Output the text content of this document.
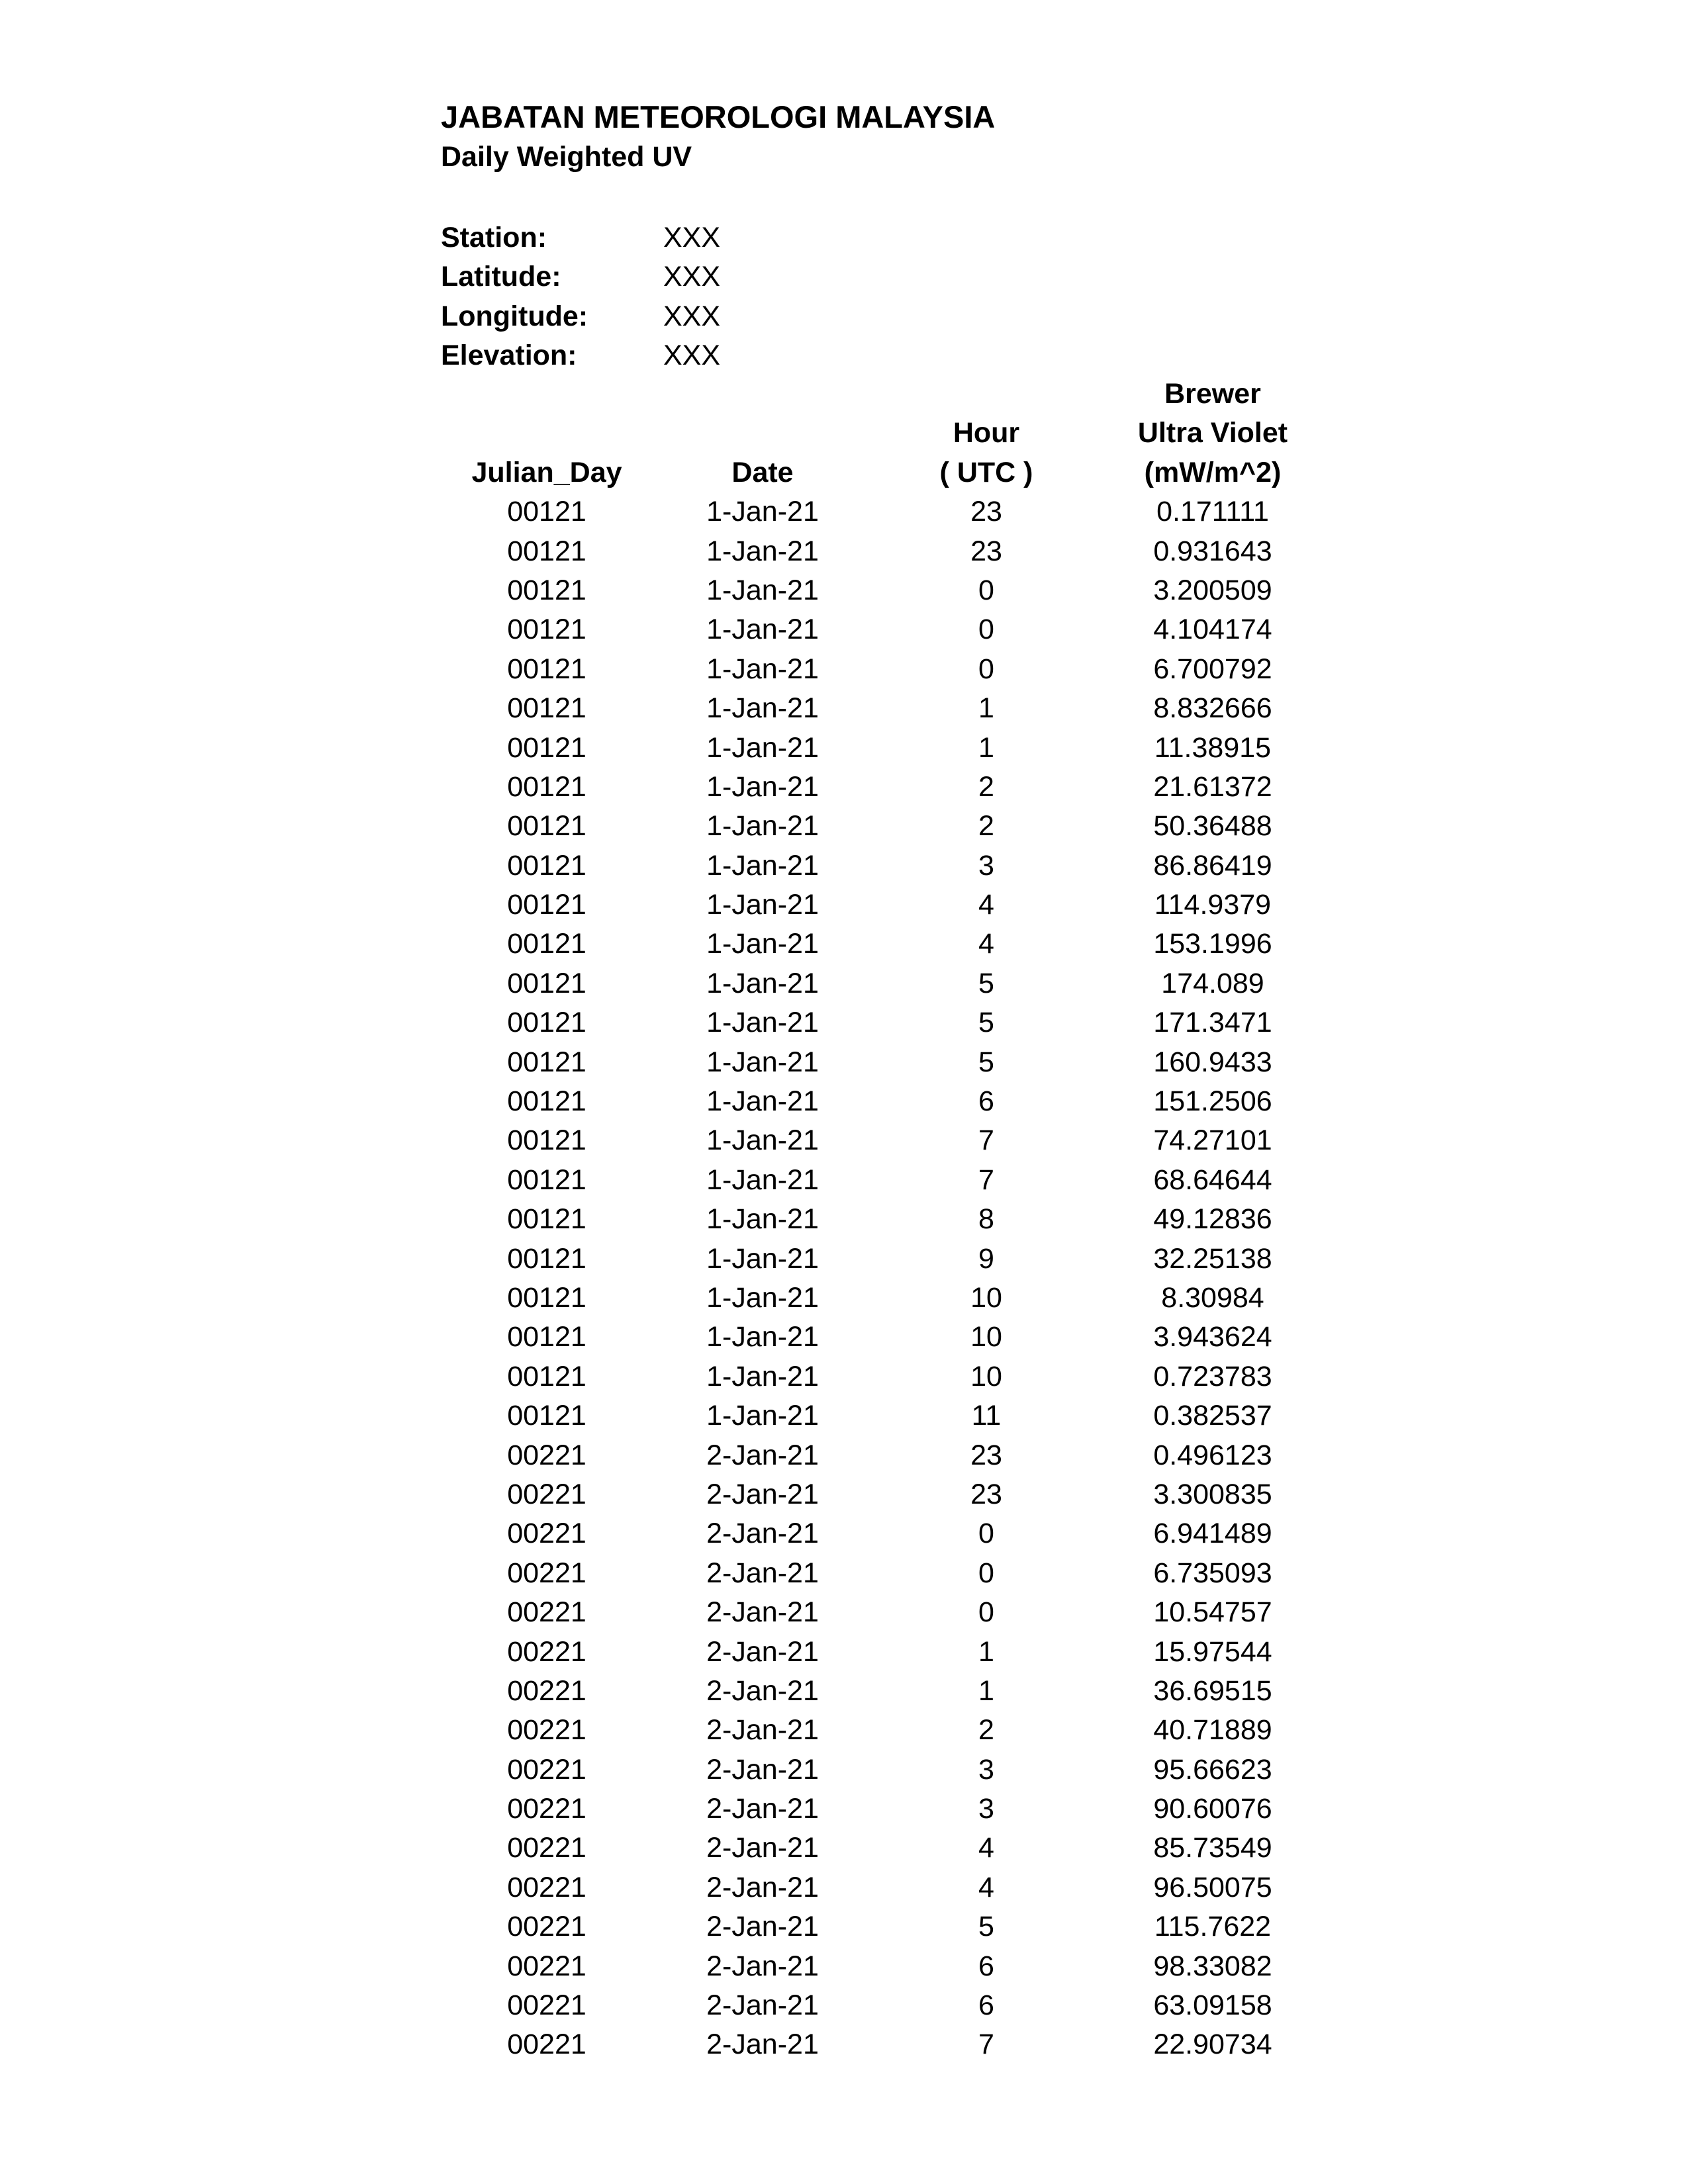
JABATAN METEOROLOGI MALAYSIA
Daily Weighted UV
Station:	XXX
Latitude:	XXX
Longitude:	XXX
Elevation:	XXX
Brewer
Hour	Ultra Violet
Julian_Day	Date	( UTC )	(mW/m^2)
00121	1-Jan-21	23	0.171111
00121	1-Jan-21	23	0.931643
00121	1-Jan-21	0	3.200509
00121	1-Jan-21	0	4.104174
00121	1-Jan-21	0	6.700792
00121	1-Jan-21	1	8.832666
00121	1-Jan-21	1	11.38915
00121	1-Jan-21	2	21.61372
00121	1-Jan-21	2	50.36488
00121	1-Jan-21	3	86.86419
00121	1-Jan-21	4	114.9379
00121	1-Jan-21	4	153.1996
00121	1-Jan-21	5	174.089
00121	1-Jan-21	5	171.3471
00121	1-Jan-21	5	160.9433
00121	1-Jan-21	6	151.2506
00121	1-Jan-21	7	74.27101
00121	1-Jan-21	7	68.64644
00121	1-Jan-21	8	49.12836
00121	1-Jan-21	9	32.25138
00121	1-Jan-21	10	8.30984
00121	1-Jan-21	10	3.943624
00121	1-Jan-21	10	0.723783
00121	1-Jan-21	11	0.382537
00221	2-Jan-21	23	0.496123
00221	2-Jan-21	23	3.300835
00221	2-Jan-21	0	6.941489
00221	2-Jan-21	0	6.735093
00221	2-Jan-21	0	10.54757
00221	2-Jan-21	1	15.97544
00221	2-Jan-21	1	36.69515
00221	2-Jan-21	2	40.71889
00221	2-Jan-21	3	95.66623
00221	2-Jan-21	3	90.60076
00221	2-Jan-21	4	85.73549
00221	2-Jan-21	4	96.50075
00221	2-Jan-21	5	115.7622
00221	2-Jan-21	6	98.33082
00221	2-Jan-21	6	63.09158
00221	2-Jan-21	7	22.90734
